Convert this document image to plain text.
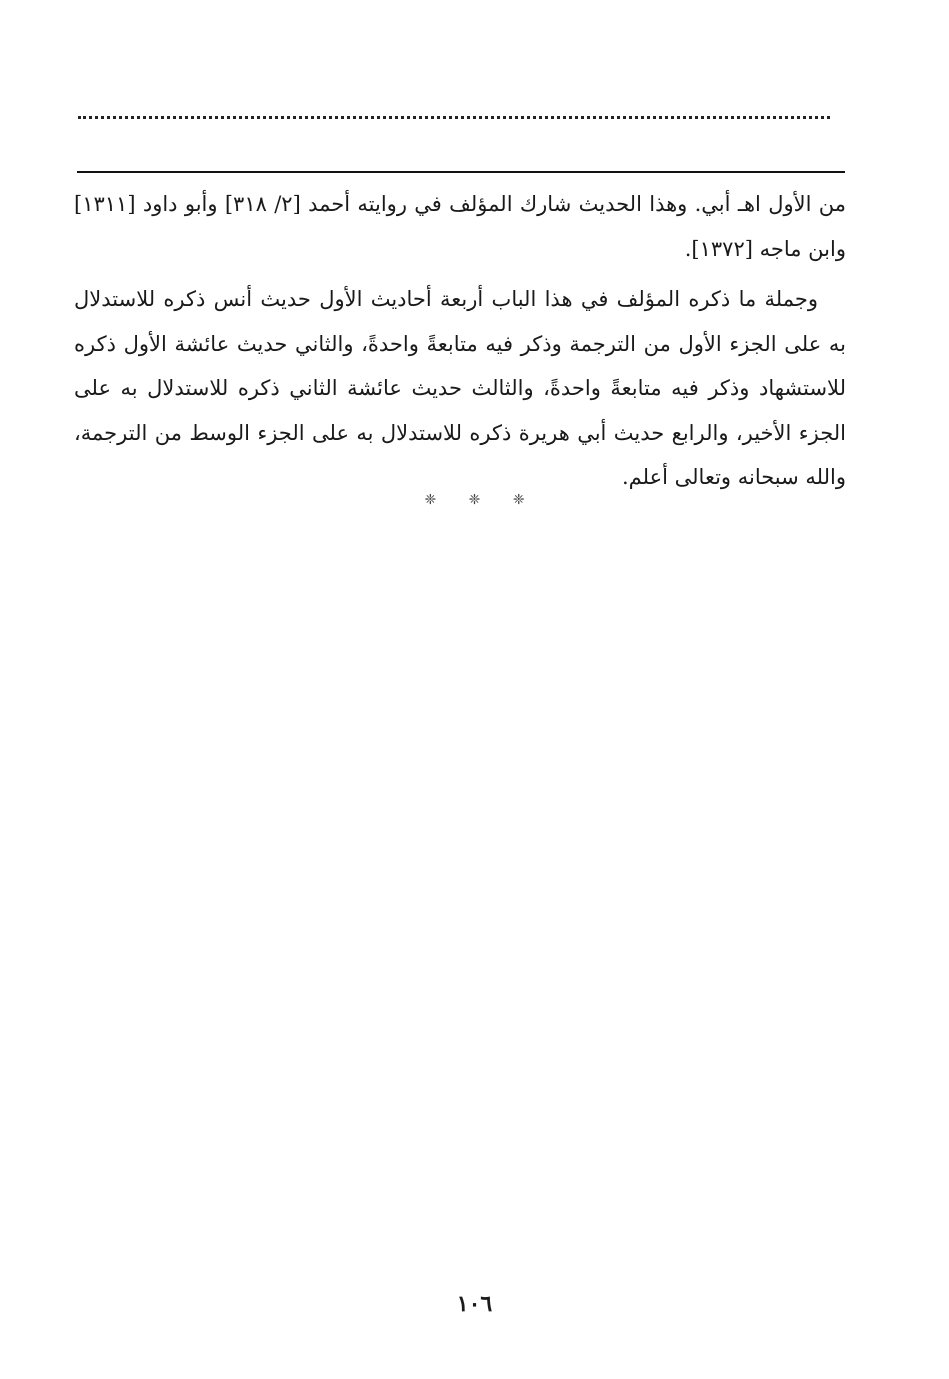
من الأول اهـ أبي. وهذا الحديث شارك المؤلف في روايته أحمد [٢/ ٣١٨] وأبو داود [١٣١١] وابن ماجه [١٣٧٢].

وجملة ما ذكره المؤلف في هذا الباب أربعة أحاديث الأول حديث أنس ذكره للاستدلال به على الجزء الأول من الترجمة وذكر فيه متابعةً واحدةً، والثاني حديث عائشة الأول ذكره للاستشهاد وذكر فيه متابعةً واحدةً، والثالث حديث عائشة الثاني ذكره للاستدلال به على الجزء الأخير، والرابع حديث أبي هريرة ذكره للاستدلال به على الجزء الوسط من الترجمة، والله سبحانه وتعالى أعلم.

❈ ❈ ❈
١٠٦
